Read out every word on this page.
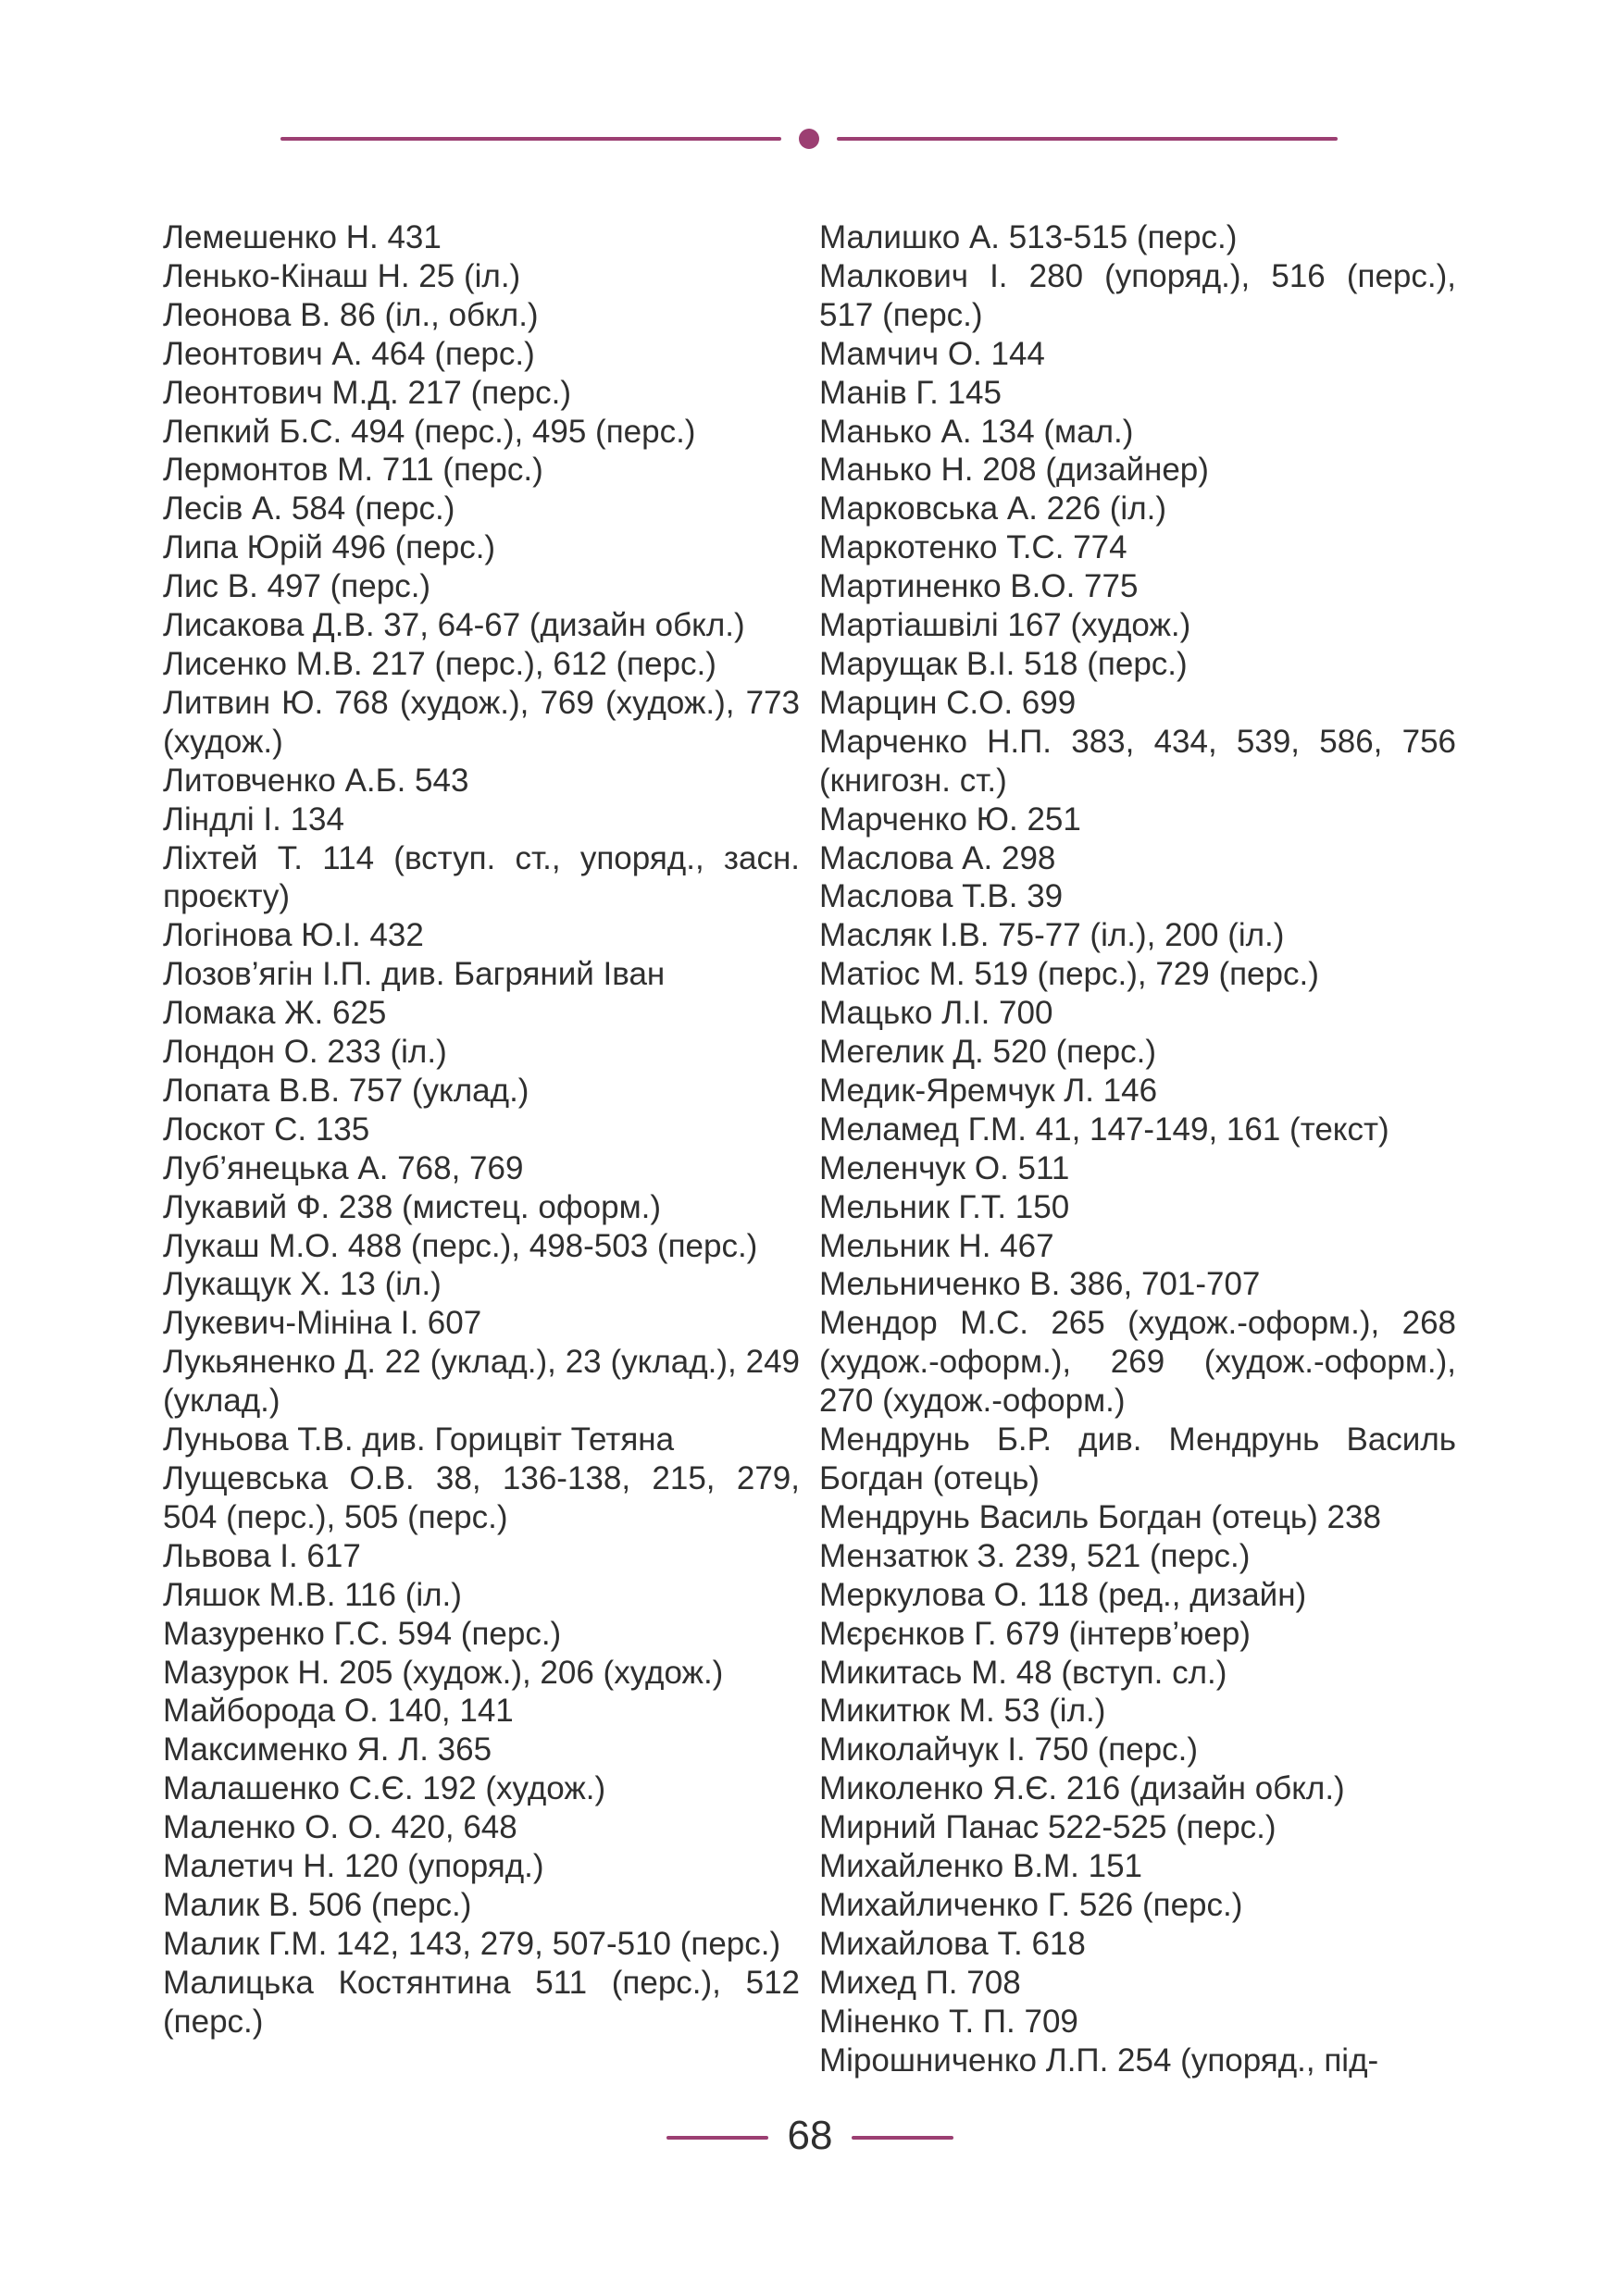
Лемешенко Н. 431

Ленько-Кінаш Н. 25 (іл.)

Леонова В. 86 (іл., обкл.)

Леонтович А. 464 (перс.)

Леонтович М.Д. 217 (перс.)

Лепкий Б.С. 494 (перс.), 495 (перс.)

Лермонтов М. 711 (перс.)

Лесів А. 584 (перс.)

Липа Юрій 496 (перс.)

Лис В. 497 (перс.)

Лисакова Д.В. 37, 64-67 (дизайн обкл.)

Лисенко М.В. 217 (перс.), 612 (перс.)

Литвин Ю. 768 (худож.), 769 (худож.), 773 (худож.)

Литовченко А.Б. 543

Ліндлі І. 134

Ліхтей Т. 114 (вступ. ст., упоряд., засн. проєкту)

Логінова Ю.І. 432

Лозов’ягін І.П. див. Багряний Іван

Ломака Ж. 625

Лондон О. 233 (іл.)

Лопата В.В. 757 (уклад.)

Лоскот С. 135

Луб’янецька А. 768, 769

Лукавий Ф. 238 (мистец. оформ.)

Лукаш М.О. 488 (перс.), 498-503 (перс.)

Лукащук Х. 13 (іл.)

Лукевич-Мініна І. 607

Лукьяненко Д. 22 (уклад.), 23 (уклад.), 249 (уклад.)

Луньова Т.В. див. Горицвіт Тетяна

Лущевська О.В. 38, 136-138, 215, 279, 504 (перс.), 505 (перс.)

Львова І. 617

Ляшок М.В. 116 (іл.)

Мазуренко Г.С. 594 (перс.)

Мазурок Н. 205 (худож.), 206 (худож.)

Майборода О. 140, 141

Максименко Я. Л. 365

Малашенко С.Є. 192 (худож.)

Маленко О. О. 420, 648

Малетич Н. 120 (упоряд.)

Малик В. 506 (перс.)

Малик Г.М. 142, 143, 279, 507-510 (перс.)

Малицька Костянтина 511 (перс.), 512 (перс.)

Малишко А. 513-515 (перс.)

Малкович І. 280 (упоряд.), 516 (перс.), 517 (перс.)

Мамчич О. 144

Манів Г. 145

Манько А. 134 (мал.)

Манько Н. 208 (дизайнер)

Марковська А. 226 (іл.)

Маркотенко Т.С. 774

Мартиненко В.О. 775

Мартіашвілі 167 (худож.)

Марущак В.І. 518 (перс.)

Марцин С.О. 699

Марченко Н.П. 383, 434, 539, 586, 756 (книгозн. ст.)

Марченко Ю. 251

Маслова А. 298

Маслова Т.В. 39

Масляк І.В. 75-77 (іл.), 200 (іл.)

Матіос М. 519 (перс.), 729 (перс.)

Мацько Л.І. 700

Мегелик Д. 520 (перс.)

Медик-Яремчук Л. 146

Меламед Г.М. 41, 147-149, 161 (текст)

Меленчук О. 511

Мельник Г.Т. 150

Мельник Н. 467

Мельниченко В. 386, 701-707

Мендор М.С. 265 (худож.-оформ.), 268 (худож.-оформ.), 269 (худож.-оформ.), 270 (худож.-оформ.)

Мендрунь Б.Р. див. Мендрунь Василь Богдан (отець)

Мендрунь Василь Богдан (отець) 238

Мензатюк З. 239, 521 (перс.)

Меркулова О. 118 (ред., дизайн)

Мєрєнков Г. 679 (інтерв’юер)

Микитась М. 48 (вступ. сл.)

Микитюк М. 53 (іл.)

Миколайчук І. 750 (перс.)

Миколенко Я.Є. 216 (дизайн обкл.)

Мирний Панас 522-525 (перс.)

Михайленко В.М. 151

Михайличенко Г. 526 (перс.)

Михайлова Т. 618

Михед П. 708

Міненко Т. П. 709

Мірошниченко Л.П. 254 (упоряд., під-

68
